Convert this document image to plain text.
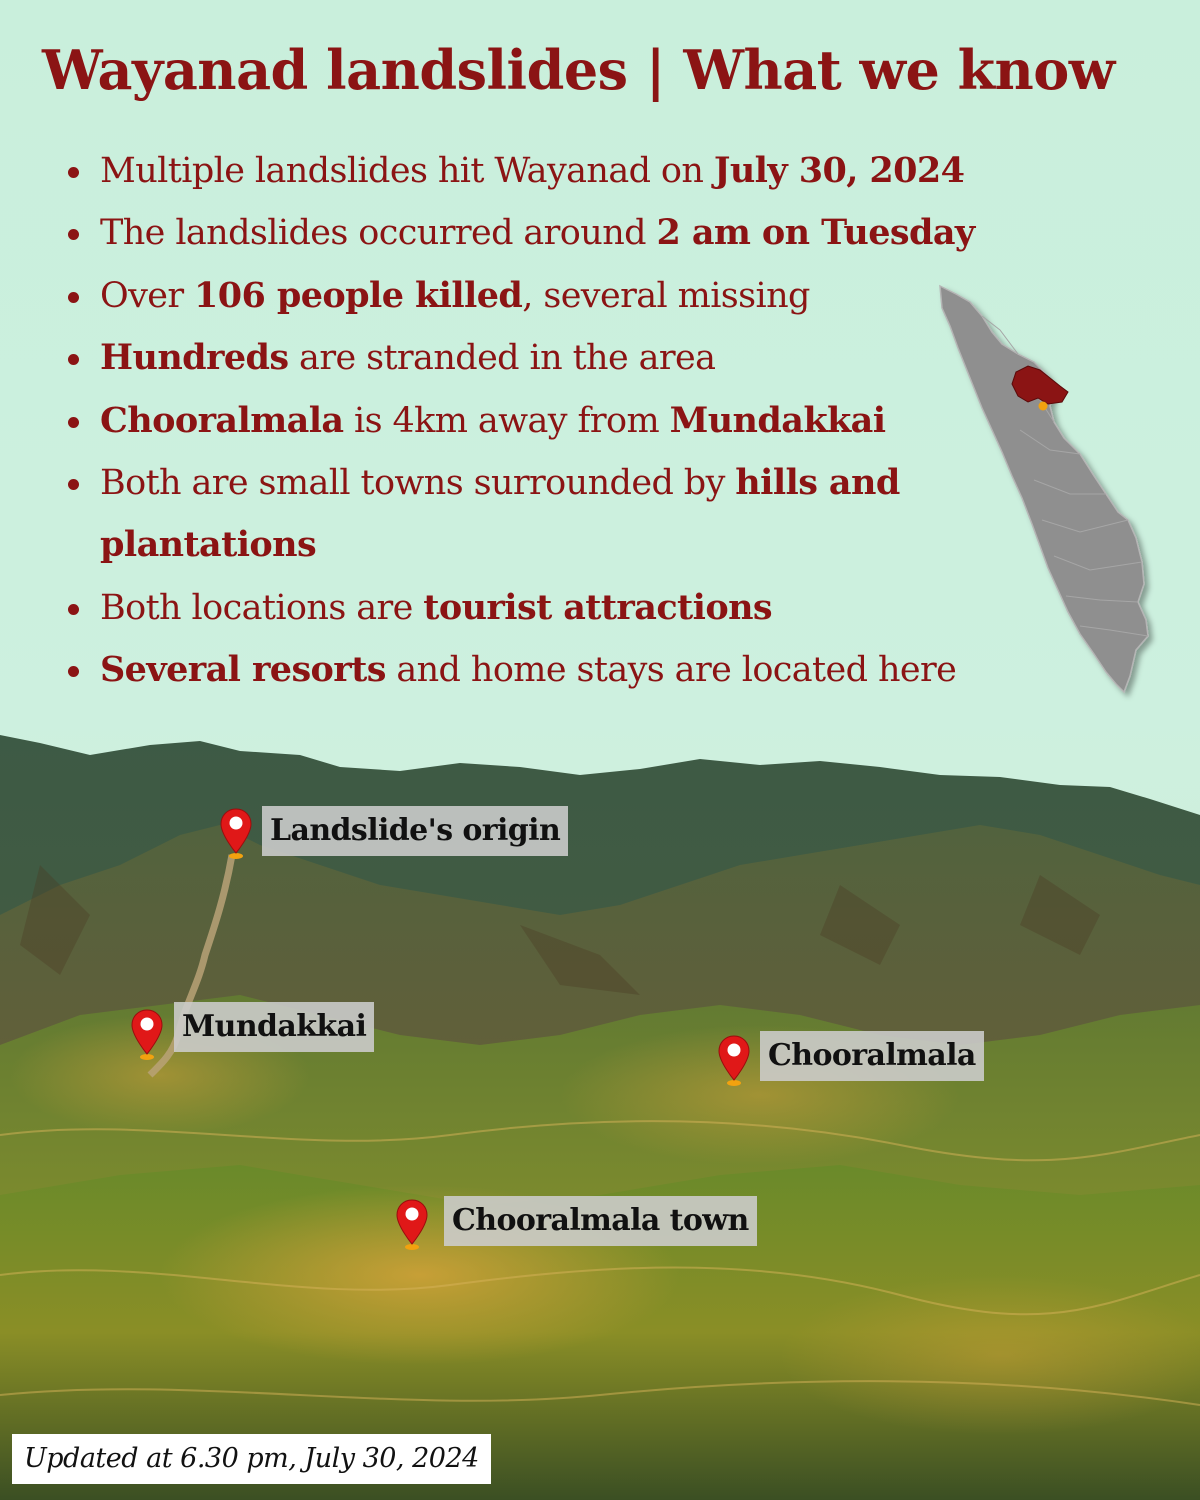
Wayanad landslides | What we know
Multiple landslides hit Wayanad on July 30, 2024
The landslides occurred around 2 am on Tuesday
Over 106 people killed, several missing
Hundreds are stranded in the area
Chooralmala is 4km away from Mundakkai
Both are small towns surrounded by hills and plantations
Both locations are tourist attractions
Several resorts and home stays are located here
Landslide's origin
Mundakkai
Chooralmala
Chooralmala town
Updated at 6.30 pm, July 30, 2024
